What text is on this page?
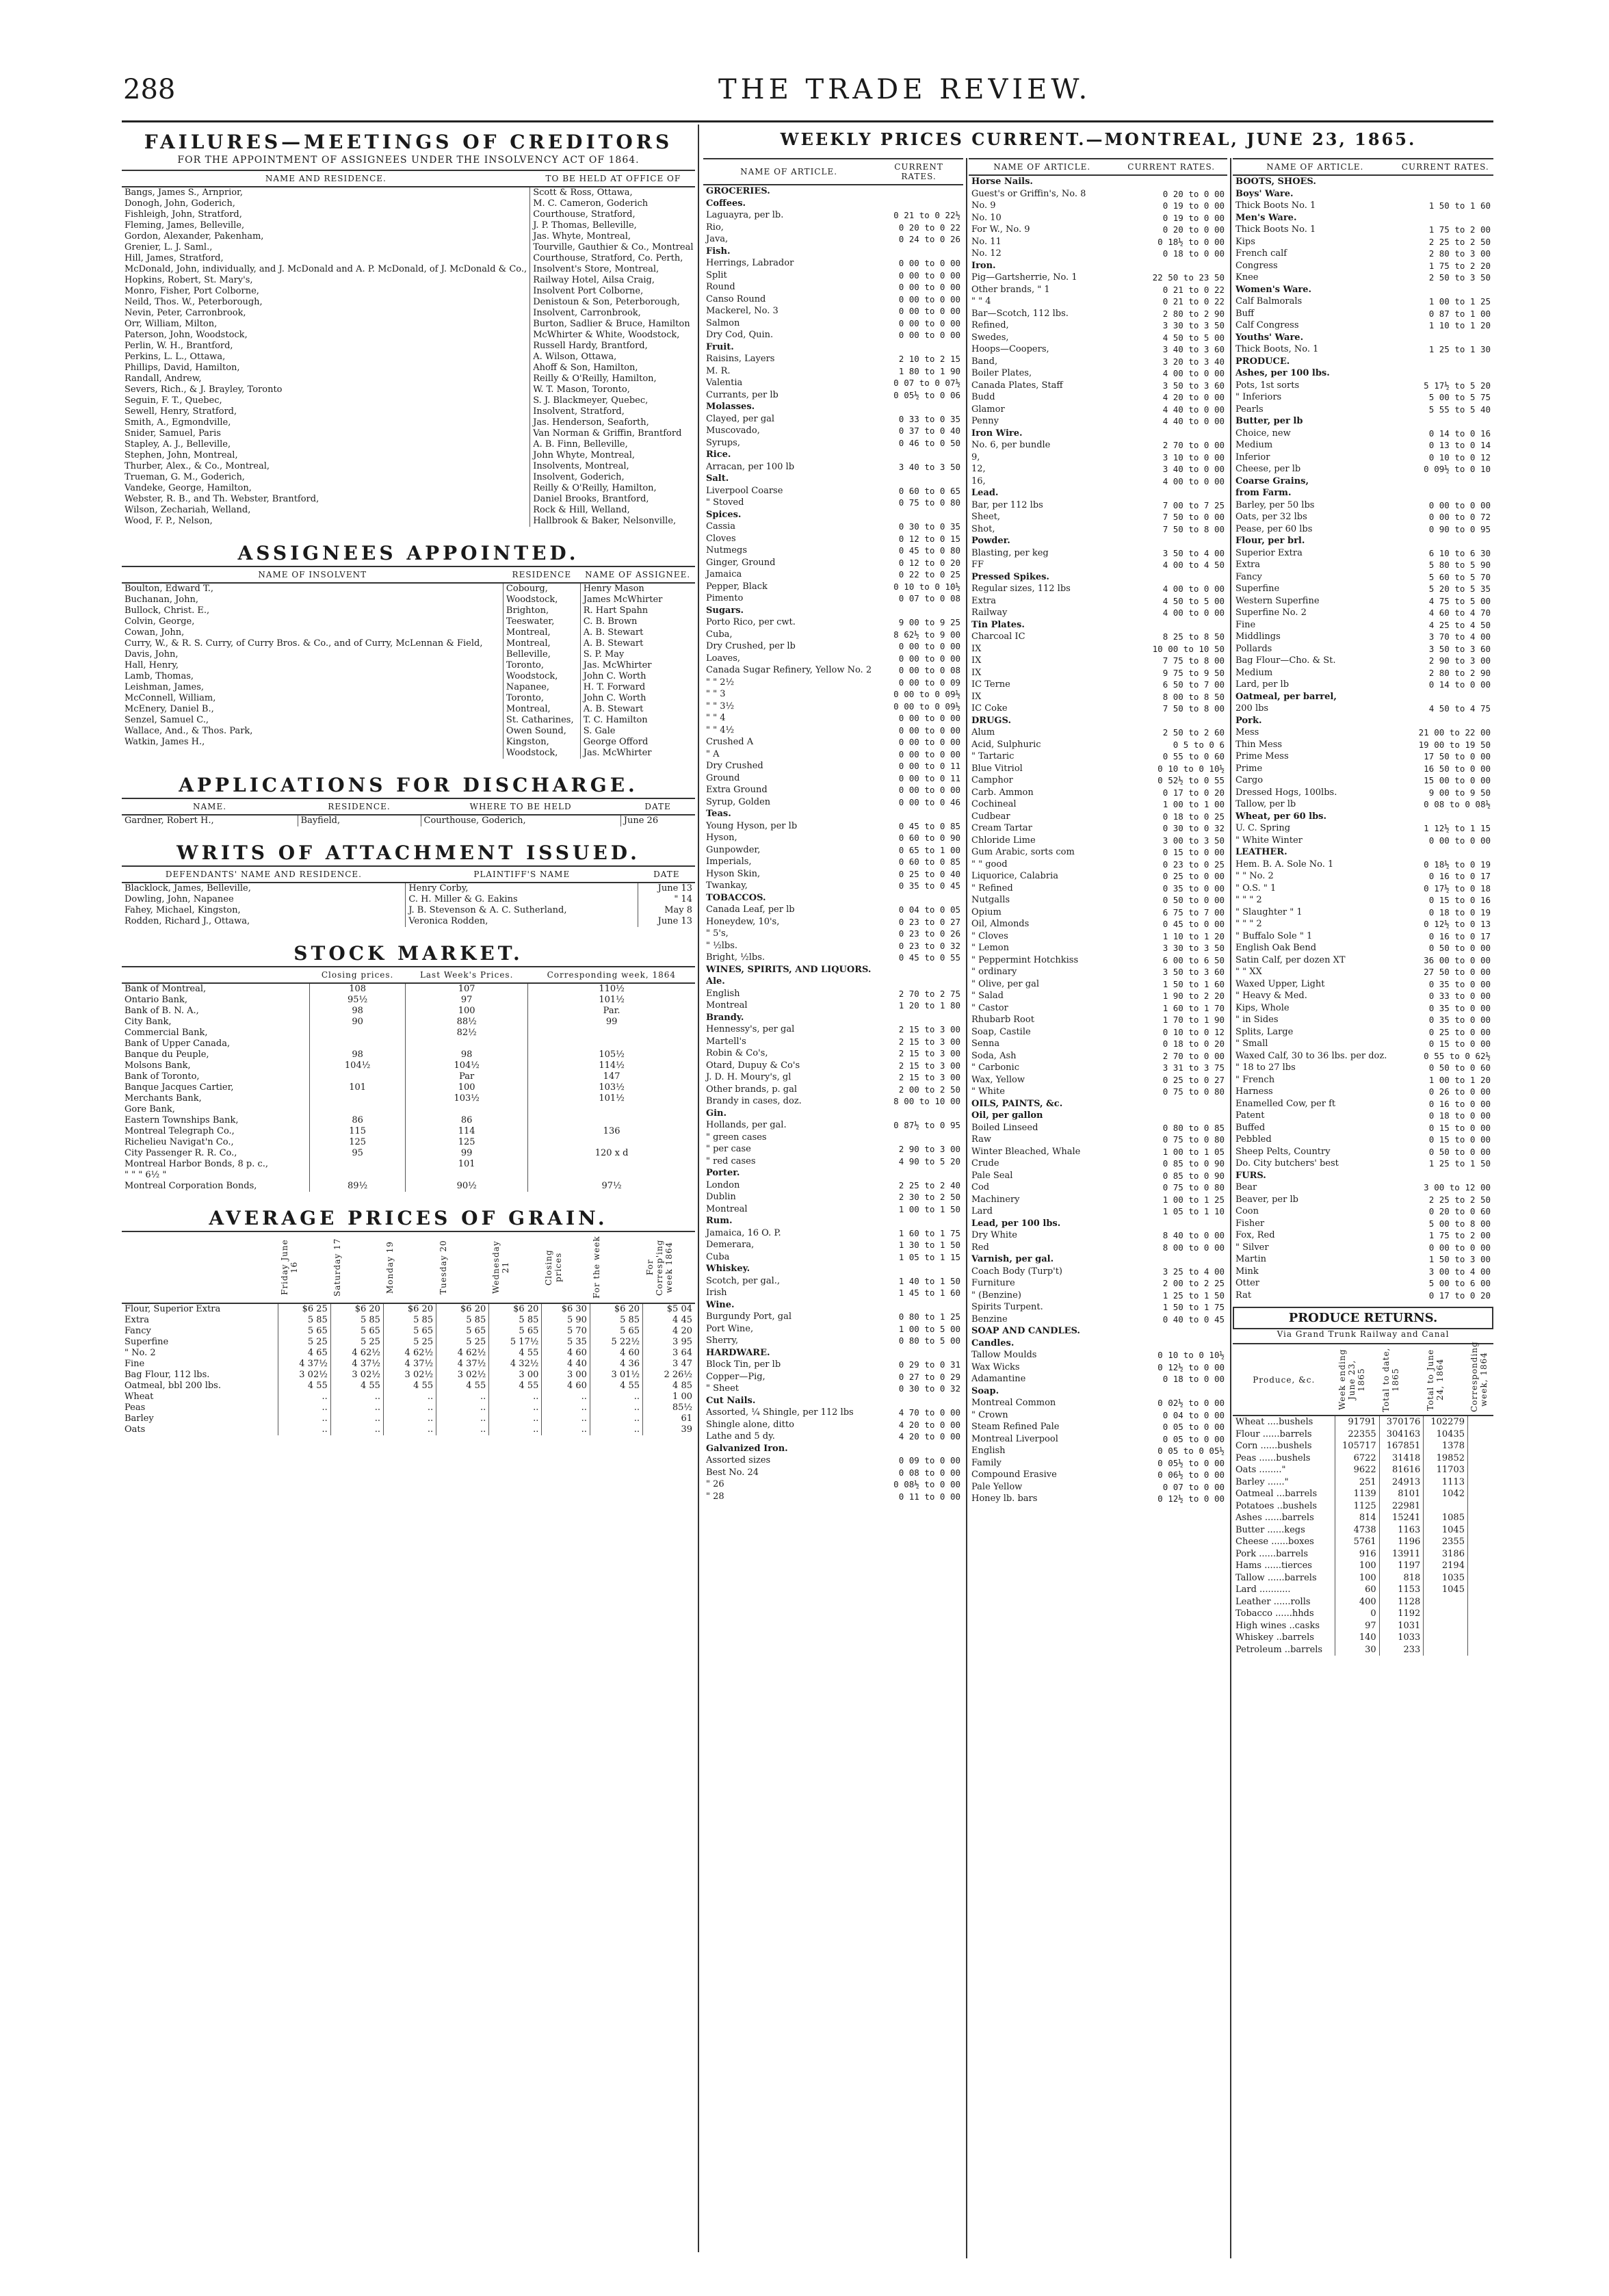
288	THE TRADE REVIEW.
FAILURES—MEETINGS OF CREDITORS
FOR THE APPOINTMENT OF ASSIGNEES UNDER THE INSOLVENCY ACT OF 1864.
NAME AND RESIDENCE.	TO BE HELD AT OFFICE OF	
Bangs, James S., Arnprior,	Scott & Ross, Ottawa,	
Donogh, John, Goderich,	M. C. Cameron, Goderich	
Fishleigh, John, Stratford,	Courthouse, Stratford,	
Fleming, James, Belleville,	J. P. Thomas, Belleville,	
Gordon, Alexander, Pakenham,	Jas. Whyte, Montreal,	
Grenier, L. J. Saml.,	Tourville, Gauthier & Co., Montreal	
Hill, James, Stratford,	Courthouse, Stratford, Co. Perth,	
McDonald, John, individually, and J. McDonald and A. P. McDonald, of J. McDonald & Co.,	Insolvent's Store, Montreal,	
Hopkins, Robert, St. Mary's,	Railway Hotel, Ailsa Craig,	
Monro, Fisher, Port Colborne,	Insolvent Port Colborne,	
Neild, Thos. W., Peterborough,	Denistoun & Son, Peterborough,	
Nevin, Peter, Carronbrook,	Insolvent, Carronbrook,	
Orr, William, Milton,	Burton, Sadlier & Bruce, Hamilton	
Paterson, John, Woodstock,	McWhirter & White, Woodstock,	
Perlin, W. H., Brantford,	Russell Hardy, Brantford,	
Perkins, L. L., Ottawa,	A. Wilson, Ottawa,	
Phillips, David, Hamilton,	Ahoff & Son, Hamilton,	
Randall, Andrew,	Reilly & O'Reilly, Hamilton,	
Severs, Rich., & J. Brayley, Toronto	W. T. Mason, Toronto,	
Seguin, F. T., Quebec,	S. J. Blackmeyer, Quebec,	
Sewell, Henry, Stratford,	Insolvent, Stratford,	
Smith, A., Egmondville,	Jas. Henderson, Seaforth,	
Snider, Samuel, Paris	Van Norman & Griffin, Brantford	
Stapley, A. J., Belleville,	A. B. Finn, Belleville,	
Stephen, John, Montreal,	John Whyte, Montreal,	
Thurber, Alex., & Co., Montreal,	Insolvents, Montreal,	
Trueman, G. M., Goderich,	Insolvent, Goderich,	
Vandeke, George, Hamilton,	Reilly & O'Reilly, Hamilton,	
Webster, R. B., and Th. Webster, Brantford,	Daniel Brooks, Brantford,	
Wilson, Zechariah, Welland,	Rock & Hill, Welland,	
Wood, F. P., Nelson,	Hallbrook & Baker, Nelsonville,	
ASSIGNEES APPOINTED.
NAME OF INSOLVENT	RESIDENCE	NAME OF ASSIGNEE.
Boulton, Edward T.,	Cobourg,	Henry Mason
Buchanan, John,	Woodstock,	James McWhirter
Bullock, Christ. E.,	Brighton,	R. Hart Spahn
Colvin, George,	Teeswater,	C. B. Brown
Cowan, John,	Montreal,	A. B. Stewart
Curry, W., & R. S. Curry, of Curry Bros. & Co., and of Curry, McLennan & Field,	Montreal,	A. B. Stewart
Davis, John,	Belleville,	S. P. May
Hall, Henry,	Toronto,	Jas. McWhirter
Lamb, Thomas,	Woodstock,	John C. Worth
Leishman, James,	Napanee,	H. T. Forward
McConnell, William,	Toronto,	John C. Worth
McEnery, Daniel B.,	Montreal,	A. B. Stewart
Senzel, Samuel C.,	St. Catharines,	T. C. Hamilton
Wallace, And., & Thos. Park,	Owen Sound,	S. Gale
Watkin, James H.,	Kingston,	George Offord
	Woodstock,	Jas. McWhirter
APPLICATIONS FOR DISCHARGE.
NAME.	RESIDENCE.	WHERE TO BE HELD	DATE
Gardner, Robert H.,	Bayfield,	Courthouse, Goderich,	June 26
WRITS OF ATTACHMENT ISSUED.
DEFENDANTS' NAME AND RESIDENCE.	PLAINTIFF'S NAME	DATE
Blacklock, James, Belleville,	Henry Corby,	June 13
Dowling, John, Napanee	C. H. Miller & G. Eakins	" 14
Fahey, Michael, Kingston,	J. B. Stevenson & A. C. Sutherland,	May 8
Rodden, Richard J., Ottawa,	Veronica Rodden,	June 13
STOCK MARKET.
	Closing prices.	Last Week's Prices.	Corresponding week, 1864
Bank of Montreal,	108	107	110½
Ontario Bank,	95½	97	101½
Bank of B. N. A.,	98	100	Par.
City Bank,	90	88½	99
Commercial Bank,		82½	
Bank of Upper Canada,			
Banque du Peuple,	98	98	105½
Molsons Bank,	104½	104½	114½
Bank of Toronto,		Par	147
Banque Jacques Cartier,	101	100	103½
Merchants Bank,		103½	101½
Gore Bank,			
Eastern Townships Bank,	86	86	
Montreal Telegraph Co.,	115	114	136
Richelieu Navigat'n Co.,	125	125	
City Passenger R. R. Co.,	95	99	120 x d
Montreal Harbor Bonds, 8 p. c.,		101	
" " " 6½ "			
Montreal Corporation Bonds,	89½	90½	97½
AVERAGE PRICES OF GRAIN.

	Friday June 16	Saturday 17	Monday 19	Tuesday 20	Wednesday 21	Closing prices	For the week	For Corresp'ing week 1864

Flour, Superior Extra	$6 25	$6 20	$6 20	$6 20	$6 20	$6 30	$6 20	$5 04
Extra	5 85	5 85	5 85	5 85	5 85	5 90	5 85	4 45
Fancy	5 65	5 65	5 65	5 65	5 65	5 70	5 65	4 20
Superfine	5 25	5 25	5 25	5 25	5 17½	5 35	5 22½	3 95
" No. 2	4 65	4 62½	4 62½	4 62½	4 55	4 60	4 60	3 64
Fine	4 37½	4 37½	4 37½	4 37½	4 32½	4 40	4 36	3 47
Bag Flour, 112 lbs.	3 02½	3 02½	3 02½	3 02½	3 00	3 00	3 01½	2 26½
Oatmeal, bbl 200 lbs.	4 55	4 55	4 55	4 55	4 55	4 60	4 55	4 85
Wheat	..	..	..	..	..	..	..	1 00
Peas	..	..	..	..	..	..	..	85½
Barley	..	..	..	..	..	..	..	61
Oats	..	..	..	..	..	..	..	39
WEEKLY PRICES CURRENT.—MONTREAL, JUNE 23, 1865.
NAME OF ARTICLE.	CURRENT RATES.
GROCERIES.	
Coffees.	
Laguayra, per lb.	0 21 to 0 22½
Rio,	0 20 to 0 22
Java,	0 24 to 0 26
Fish.	
Herrings, Labrador	0 00 to 0 00
Split	0 00 to 0 00
Round	0 00 to 0 00
Canso Round	0 00 to 0 00
Mackerel, No. 3	0 00 to 0 00
Salmon	0 00 to 0 00
Dry Cod, Quin.	0 00 to 0 00
Fruit.	
Raisins, Layers	2 10 to 2 15
M. R.	1 80 to 1 90
Valentia	0 07 to 0 07½
Currants, per lb	0 05½ to 0 06
Molasses.	
Clayed, per gal	0 33 to 0 35
Muscovado,	0 37 to 0 40
Syrups,	0 46 to 0 50
Rice.	
Arracan, per 100 lb	3 40 to 3 50
Salt.	
Liverpool Coarse	0 60 to 0 65
" Stoved	0 75 to 0 80
Spices.	
Cassia	0 30 to 0 35
Cloves	0 12 to 0 15
Nutmegs	0 45 to 0 80
Ginger, Ground	0 12 to 0 20
Jamaica	0 22 to 0 25
Pepper, Black	0 10 to 0 10½
Pimento	0 07 to 0 08
Sugars.	
Porto Rico, per cwt.	9 00 to 9 25
Cuba,	8 62½ to 9 00
Dry Crushed, per lb	0 00 to 0 00
Loaves,	0 00 to 0 00
Canada Sugar Refinery, Yellow No. 2	0 00 to 0 08
" " 2½	0 00 to 0 09
" " 3	0 00 to 0 09½
" " 3½	0 00 to 0 09½
" " 4	0 00 to 0 00
" " 4½	0 00 to 0 00
Crushed A	0 00 to 0 00
" A	0 00 to 0 00
Dry Crushed	0 00 to 0 11
Ground	0 00 to 0 11
Extra Ground	0 00 to 0 00
Syrup, Golden	0 00 to 0 46
Teas.	
Young Hyson, per lb	0 45 to 0 85
Hyson,	0 60 to 0 90
Gunpowder,	0 65 to 1 00
Imperials,	0 60 to 0 85
Hyson Skin,	0 25 to 0 40
Twankay,	0 35 to 0 45
TOBACCOS.	
Canada Leaf, per lb	0 04 to 0 05
Honeydew, 10's,	0 23 to 0 27
" 5's,	0 23 to 0 26
" ½lbs.	0 23 to 0 32
Bright, ½lbs.	0 45 to 0 55
WINES, SPIRITS, AND LIQUORS.	
Ale.	
English	2 70 to 2 75
Montreal	1 20 to 1 80
Brandy.	
Hennessy's, per gal	2 15 to 3 00
Martell's	2 15 to 3 00
Robin & Co's,	2 15 to 3 00
Otard, Dupuy & Co's	2 15 to 3 00
J. D. H. Moury's, gl	2 15 to 3 00
Other brands, p. gal	2 00 to 2 50
Brandy in cases, doz.	8 00 to 10 00
Gin.	
Hollands, per gal.	0 87½ to 0 95
" green cases	
" per case	2 90 to 3 00
" red cases	4 90 to 5 20
Porter.	
London	2 25 to 2 40
Dublin	2 30 to 2 50
Montreal	1 00 to 1 50
Rum.	
Jamaica, 16 O. P.	1 60 to 1 75
Demerara,	1 30 to 1 50
Cuba	1 05 to 1 15
Whiskey.	
Scotch, per gal.,	1 40 to 1 50
Irish	1 45 to 1 60
Wine.	
Burgundy Port, gal	0 80 to 1 25
Port Wine,	1 00 to 5 00
Sherry,	0 80 to 5 00
HARDWARE.	
Block Tin, per lb	0 29 to 0 31
Copper—Pig,	0 27 to 0 29
" Sheet	0 30 to 0 32
Cut Nails.	
Assorted, ¼ Shingle, per 112 lbs	4 70 to 0 00
Shingle alone, ditto	4 20 to 0 00
Lathe and 5 dy.	4 20 to 0 00
Galvanized Iron.	
Assorted sizes	0 09 to 0 00
Best No. 24	0 08 to 0 00
" 26	0 08½ to 0 00
" 28	0 11 to 0 00
NAME OF ARTICLE.	CURRENT RATES.
Horse Nails.	
Guest's or Griffin's, No. 8	0 20 to 0 00
No. 9	0 19 to 0 00
No. 10	0 19 to 0 00
For W., No. 9	0 20 to 0 00
No. 11	0 18½ to 0 00
No. 12	0 18 to 0 00
Iron.	
Pig—Gartsherrie, No. 1	22 50 to 23 50
Other brands, " 1	0 21 to 0 22
" " 4	0 21 to 0 22
Bar—Scotch, 112 lbs.	2 80 to 2 90
Refined,	3 30 to 3 50
Swedes,	4 50 to 5 00
Hoops—Coopers,	3 40 to 3 60
Band,	3 20 to 3 40
Boiler Plates,	4 00 to 0 00
Canada Plates, Staff	3 50 to 3 60
Budd	4 20 to 0 00
Glamor	4 40 to 0 00
Penny	4 40 to 0 00
Iron Wire.	
No. 6, per bundle	2 70 to 0 00
9,	3 10 to 0 00
12,	3 40 to 0 00
16,	4 00 to 0 00
Lead.	
Bar, per 112 lbs	7 00 to 7 25
Sheet,	7 50 to 0 00
Shot,	7 50 to 8 00
Powder.	
Blasting, per keg	3 50 to 4 00
FF	4 00 to 4 50
Pressed Spikes.	
Regular sizes, 112 lbs	4 00 to 0 00
Extra	4 50 to 5 00
Railway	4 00 to 0 00
Tin Plates.	
Charcoal IC	8 25 to 8 50
IX	10 00 to 10 50
IX	7 75 to 8 00
IX	9 75 to 9 50
IC Terne	6 50 to 7 00
IX	8 00 to 8 50
IC Coke	7 50 to 8 00
DRUGS.	
Alum	2 50 to 2 60
Acid, Sulphuric	0 5 to 0 6
" Tartaric	0 55 to 0 60
Blue Vitriol	0 10 to 0 10½
Camphor	0 52½ to 0 55
Carb. Ammon	0 17 to 0 20
Cochineal	1 00 to 1 00
Cudbear	0 18 to 0 25
Cream Tartar	0 30 to 0 32
Chloride Lime	3 00 to 3 50
Gum Arabic, sorts com	0 15 to 0 00
" " good	0 23 to 0 25
Liquorice, Calabria	0 25 to 0 00
" Refined	0 35 to 0 00
Nutgalls	0 50 to 0 00
Opium	6 75 to 7 00
Oil, Almonds	0 45 to 0 00
" Cloves	1 10 to 1 20
" Lemon	3 30 to 3 50
" Peppermint Hotchkiss	6 00 to 6 50
" ordinary	3 50 to 3 60
" Olive, per gal	1 50 to 1 60
" Salad	1 90 to 2 20
" Castor	1 60 to 1 70
Rhubarb Root	1 70 to 1 90
Soap, Castile	0 10 to 0 12
Senna	0 18 to 0 20
Soda, Ash	2 70 to 0 00
" Carbonic	3 31 to 3 75
Wax, Yellow	0 25 to 0 27
" White	0 75 to 0 80
OILS, PAINTS, &c.	
Oil, per gallon	
Boiled Linseed	0 80 to 0 85
Raw	0 75 to 0 80
Winter Bleached, Whale	1 00 to 1 05
Crude	0 85 to 0 90
Pale Seal	0 85 to 0 90
Cod	0 75 to 0 80
Machinery	1 00 to 1 25
Lard	1 05 to 1 10
Lead, per 100 lbs.	
Dry White	8 40 to 0 00
Red	8 00 to 0 00
Varnish, per gal.	
Coach Body (Turp't)	3 25 to 4 00
Furniture	2 00 to 2 25
" (Benzine)	1 25 to 1 50
Spirits Turpent.	1 50 to 1 75
Benzine	0 40 to 0 45
SOAP AND CANDLES.	
Candles.	
Tallow Moulds	0 10 to 0 10½
Wax Wicks	0 12½ to 0 00
Adamantine	0 18 to 0 00
Soap.	
Montreal Common	0 02½ to 0 00
" Crown	0 04 to 0 00
Steam Refined Pale	0 05 to 0 00
Montreal Liverpool	0 05 to 0 00
English	0 05 to 0 05½
Family	0 05½ to 0 00
Compound Erasive	0 06½ to 0 00
Pale Yellow	0 07 to 0 00
Honey lb. bars	0 12½ to 0 00
NAME OF ARTICLE.	CURRENT RATES.
BOOTS, SHOES.	
Boys' Ware.	
Thick Boots No. 1	1 50 to 1 60
Men's Ware.	
Thick Boots No. 1	1 75 to 2 00
Kips	2 25 to 2 50
French calf	2 80 to 3 00
Congress	1 75 to 2 20
Knee	2 50 to 3 50
Women's Ware.	
Calf Balmorals	1 00 to 1 25
Buff	0 87 to 1 00
Calf Congress	1 10 to 1 20
Youths' Ware.	
Thick Boots, No. 1	1 25 to 1 30
PRODUCE.	
Ashes, per 100 lbs.	
Pots, 1st sorts	5 17½ to 5 20
" Inferiors	5 00 to 5 75
Pearls	5 55 to 5 40
Butter, per lb	
Choice, new	0 14 to 0 16
Medium	0 13 to 0 14
Inferior	0 10 to 0 12
Cheese, per lb	0 09½ to 0 10
Coarse Grains,	
from Farm.	
Barley, per 50 lbs	0 00 to 0 00
Oats, per 32 lbs	0 00 to 0 72
Pease, per 60 lbs	0 90 to 0 95
Flour, per brl.	
Superior Extra	6 10 to 6 30
Extra	5 80 to 5 90
Fancy	5 60 to 5 70
Superfine	5 20 to 5 35
Western Superfine	4 75 to 5 00
Superfine No. 2	4 60 to 4 70
Fine	4 25 to 4 50
Middlings	3 70 to 4 00
Pollards	3 50 to 3 60
Bag Flour—Cho. & St.	2 90 to 3 00
Medium	2 80 to 2 90
Lard, per lb	0 14 to 0 00
Oatmeal, per barrel,	
200 lbs	4 50 to 4 75
Pork.	
Mess	21 00 to 22 00
Thin Mess	19 00 to 19 50
Prime Mess	17 50 to 0 00
Prime	16 50 to 0 00
Cargo	15 00 to 0 00
Dressed Hogs, 100lbs.	9 00 to 9 50
Tallow, per lb	0 08 to 0 08½
Wheat, per 60 lbs.	
U. C. Spring	1 12½ to 1 15
" White Winter	0 00 to 0 00
LEATHER.	
Hem. B. A. Sole No. 1	0 18½ to 0 19
" " No. 2	0 16 to 0 17
" O.S. " 1	0 17½ to 0 18
" " " 2	0 15 to 0 16
" Slaughter " 1	0 18 to 0 19
" " " 2	0 12½ to 0 13
" Buffalo Sole " 1	0 16 to 0 17
English Oak Bend	0 50 to 0 00
Satin Calf, per dozen XT	36 00 to 0 00
" " XX	27 50 to 0 00
Waxed Upper, Light	0 35 to 0 00
" Heavy & Med.	0 33 to 0 00
Kips, Whole	0 35 to 0 00
" in Sides	0 35 to 0 00
Splits, Large	0 25 to 0 00
" Small	0 15 to 0 00
Waxed Calf, 30 to 36 lbs. per doz.	0 55 to 0 62½
" 18 to 27 lbs	0 50 to 0 60
" French	1 00 to 1 20
Harness	0 26 to 0 00
Enamelled Cow, per ft	0 16 to 0 00
Patent	0 18 to 0 00
Buffed	0 15 to 0 00
Pebbled	0 15 to 0 00
Sheep Pelts, Country	0 50 to 0 00
Do. City butchers' best	1 25 to 1 50
FURS.	
Bear	3 00 to 12 00
Beaver, per lb	2 25 to 2 50
Coon	0 20 to 0 60
Fisher	5 00 to 8 00
Fox, Red	1 75 to 2 00
" Silver	0 00 to 0 00
Martin	1 50 to 3 00
Mink	3 00 to 4 00
Otter	5 00 to 6 00
Rat	0 17 to 0 20
PRODUCE RETURNS.
Via Grand Trunk Railway and Canal
Produce, &c.	Week ending June 23, 1865	Total to date, 1865	Total to June 24, 1864	Corresponding week, 1864

Wheat ....bushels	91791	370176	102279	
Flour ......barrels	22355	304163	10435	
Corn ......bushels	105717	167851	1378	
Peas ......bushels	6722	31418	19852	
Oats ........"	9622	81616	11703	
Barley ......"	251	24913	1113	
Oatmeal ...barrels	1139	8101	1042	
Potatoes ..bushels	1125	22981		
Ashes ......barrels	814	15241	1085	
Butter ......kegs	4738	1163	1045	
Cheese ......boxes	5761	1196	2355	
Pork ......barrels	916	13911	3186	
Hams ......tierces	100	1197	2194	
Tallow ......barrels	100	818	1035	
Lard ...........	60	1153	1045	
Leather ......rolls	400	1128		
Tobacco ......hhds	0	1192		
High wines ..casks	97	1031		
Whiskey ..barrels	140	1033		
Petroleum ..barrels	30	233		
